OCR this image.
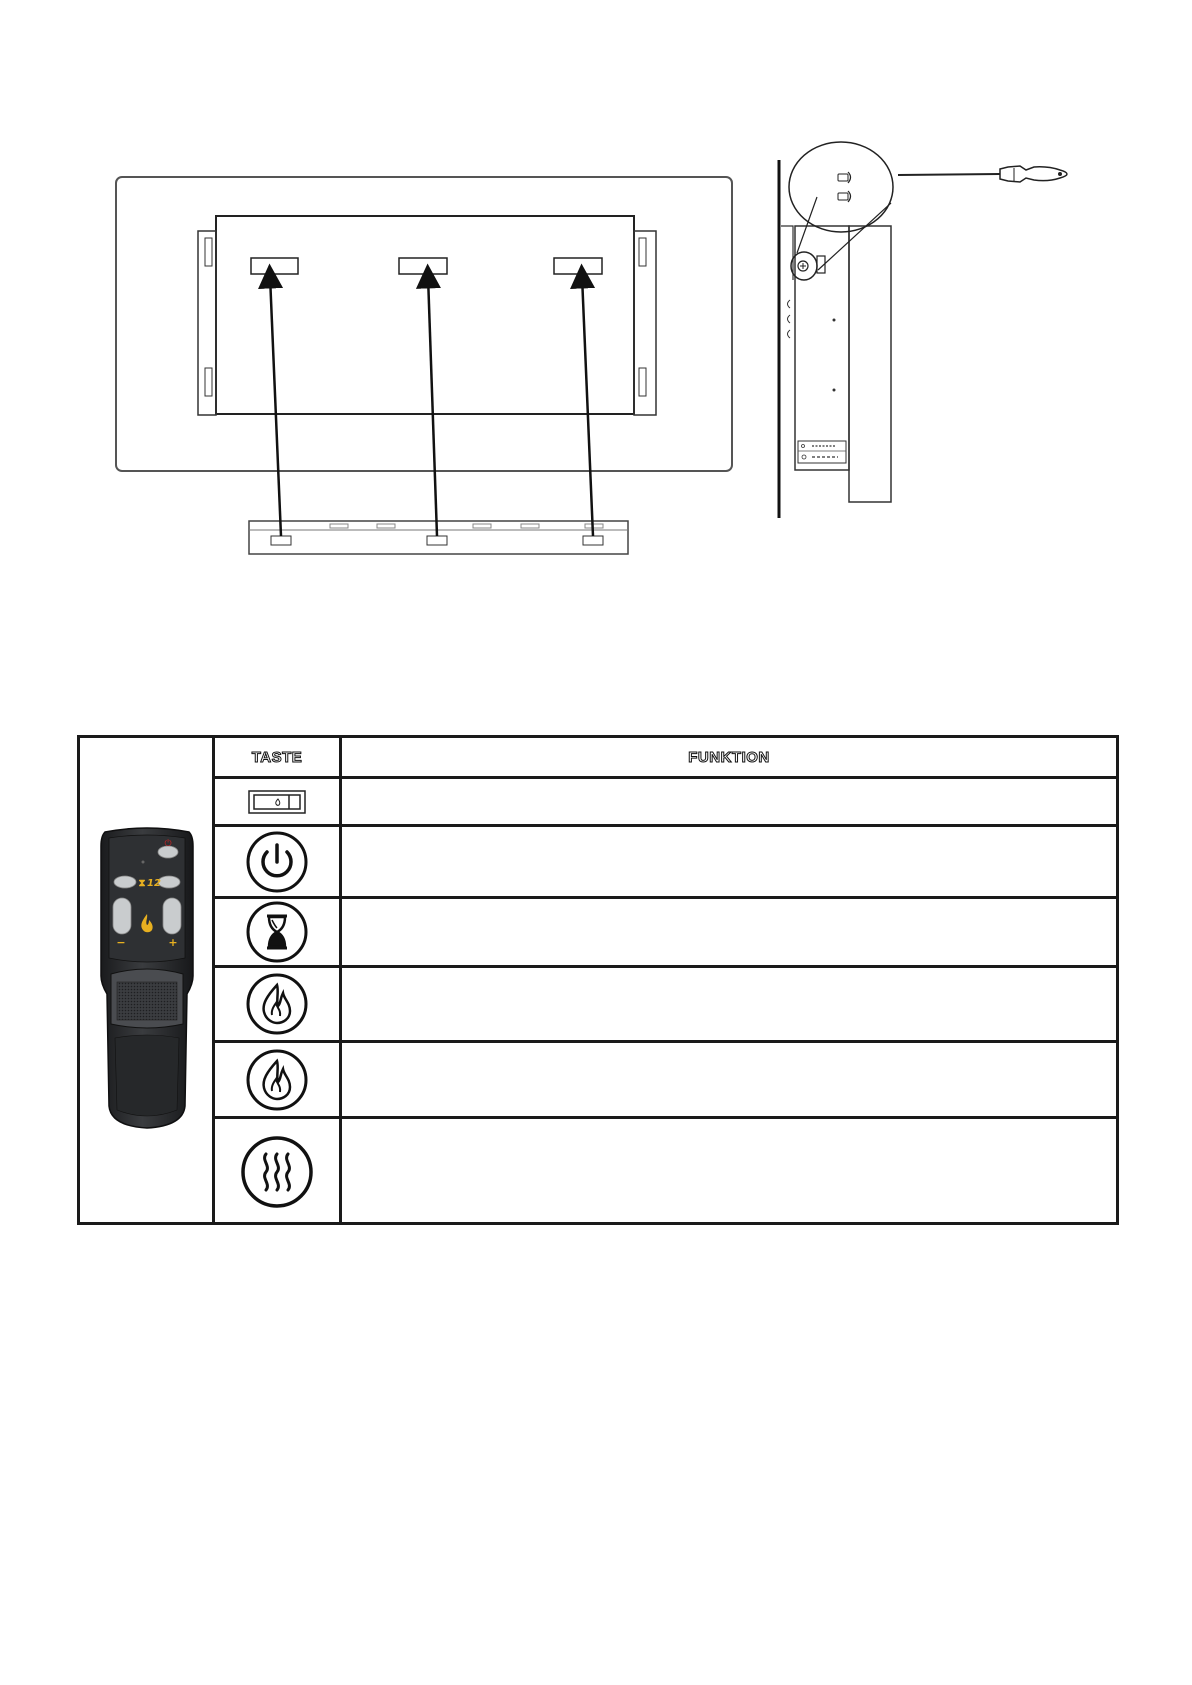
TASTE	FUNKTION
⏻
⧗ 12
−	+
